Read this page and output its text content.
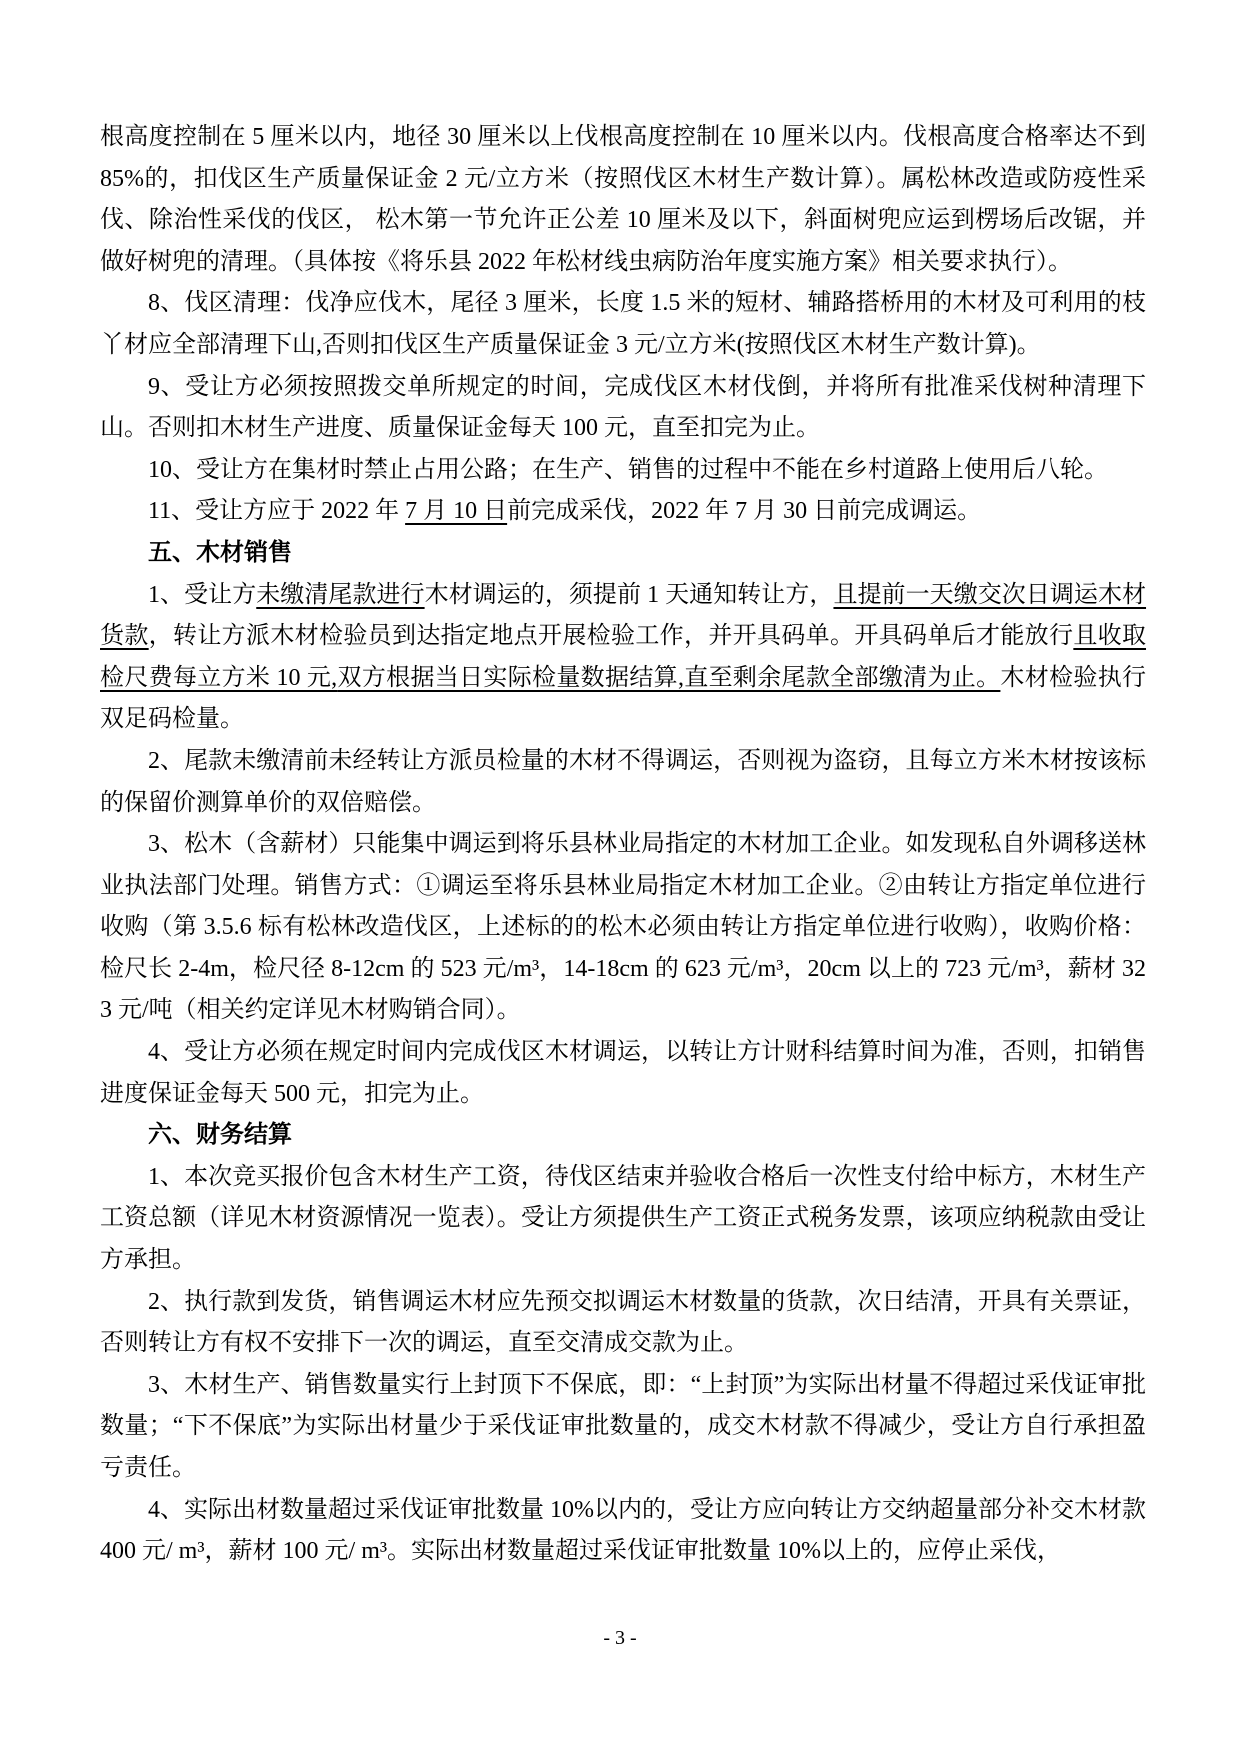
根高度控制在 5 厘米以内，地径 30 厘米以上伐根高度控制在 10 厘米以内。伐根高度合格率达不到 85%的，扣伐区生产质量保证金 2 元/立方米（按照伐区木材生产数计算）。属松林改造或防疫性采伐、除治性采伐的伐区， 松木第一节允许正公差 10 厘米及以下，斜面树兜应运到楞场后改锯，并做好树兜的清理。（具体按《将乐县 2022 年松材线虫病防治年度实施方案》相关要求执行）。

8、伐区清理：伐净应伐木，尾径 3 厘米，长度 1.5 米的短材、辅路搭桥用的木材及可利用的枝丫材应全部清理下山,否则扣伐区生产质量保证金 3 元/立方米(按照伐区木材生产数计算)。

9、受让方必须按照拨交单所规定的时间，完成伐区木材伐倒，并将所有批准采伐树种清理下山。否则扣木材生产进度、质量保证金每天 100 元，直至扣完为止。

10、受让方在集材时禁止占用公路；在生产、销售的过程中不能在乡村道路上使用后八轮。

11、受让方应于 2022 年 7 月 10 日前完成采伐，2022 年 7 月 30 日前完成调运。

五、木材销售

1、受让方未缴清尾款进行木材调运的，须提前 1 天通知转让方，且提前一天缴交次日调运木材货款，转让方派木材检验员到达指定地点开展检验工作，并开具码单。开具码单后才能放行且收取检尺费每立方米 10 元,双方根据当日实际检量数据结算,直至剩余尾款全部缴清为止。木材检验执行双足码检量。

2、尾款未缴清前未经转让方派员检量的木材不得调运，否则视为盗窃，且每立方米木材按该标的保留价测算单价的双倍赔偿。

3、松木（含薪材）只能集中调运到将乐县林业局指定的木材加工企业。如发现私自外调移送林业执法部门处理。销售方式：①调运至将乐县林业局指定木材加工企业。②由转让方指定单位进行收购（第 3.5.6 标有松林改造伐区，上述标的的松木必须由转让方指定单位进行收购），收购价格：检尺长 2-4m，检尺径 8-12cm 的 523 元/m³，14-18cm 的 623 元/m³，20cm 以上的 723 元/m³，薪材 323 元/吨（相关约定详见木材购销合同）。

4、受让方必须在规定时间内完成伐区木材调运，以转让方计财科结算时间为准，否则，扣销售进度保证金每天 500 元，扣完为止。

六、财务结算

1、本次竞买报价包含木材生产工资，待伐区结束并验收合格后一次性支付给中标方，木材生产工资总额（详见木材资源情况一览表）。受让方须提供生产工资正式税务发票，该项应纳税款由受让方承担。

2、执行款到发货，销售调运木材应先预交拟调运木材数量的货款，次日结清，开具有关票证，否则转让方有权不安排下一次的调运，直至交清成交款为止。

3、木材生产、销售数量实行上封顶下不保底，即：“上封顶”为实际出材量不得超过采伐证审批数量；“下不保底”为实际出材量少于采伐证审批数量的，成交木材款不得减少，受让方自行承担盈亏责任。

4、实际出材数量超过采伐证审批数量 10%以内的，受让方应向转让方交纳超量部分补交木材款 400 元/ m³，薪材 100 元/ m³。实际出材数量超过采伐证审批数量 10%以上的，应停止采伐，

- 3 -
